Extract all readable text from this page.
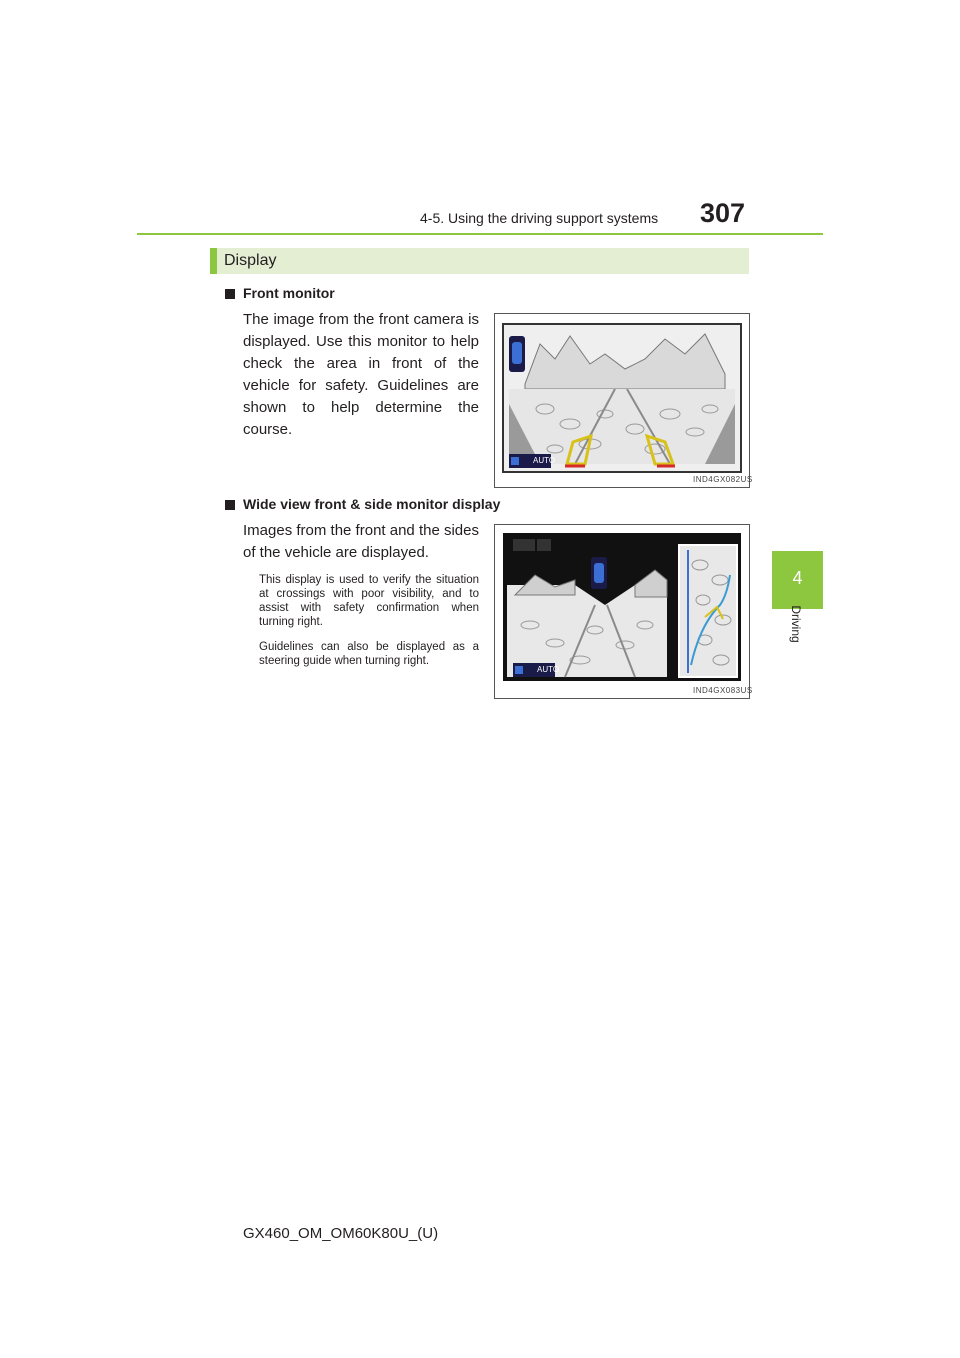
4-5. Using the driving support systems	307
4
Driving
Display
Front monitor
The image from the front camera is displayed. Use this monitor to help check the area in front of the vehicle for safety. Guidelines are shown to help determine the course.
AUTO
IND4GX082US
Wide view front & side monitor display
Images from the front and the sides of the vehicle are displayed.
This display is used to verify the situation at crossings with poor visibility, and to assist with safety confirmation when turning right.
Guidelines can also be displayed as a steering guide when turning right.
AUTO
IND4GX083US
GX460_OM_OM60K80U_(U)
